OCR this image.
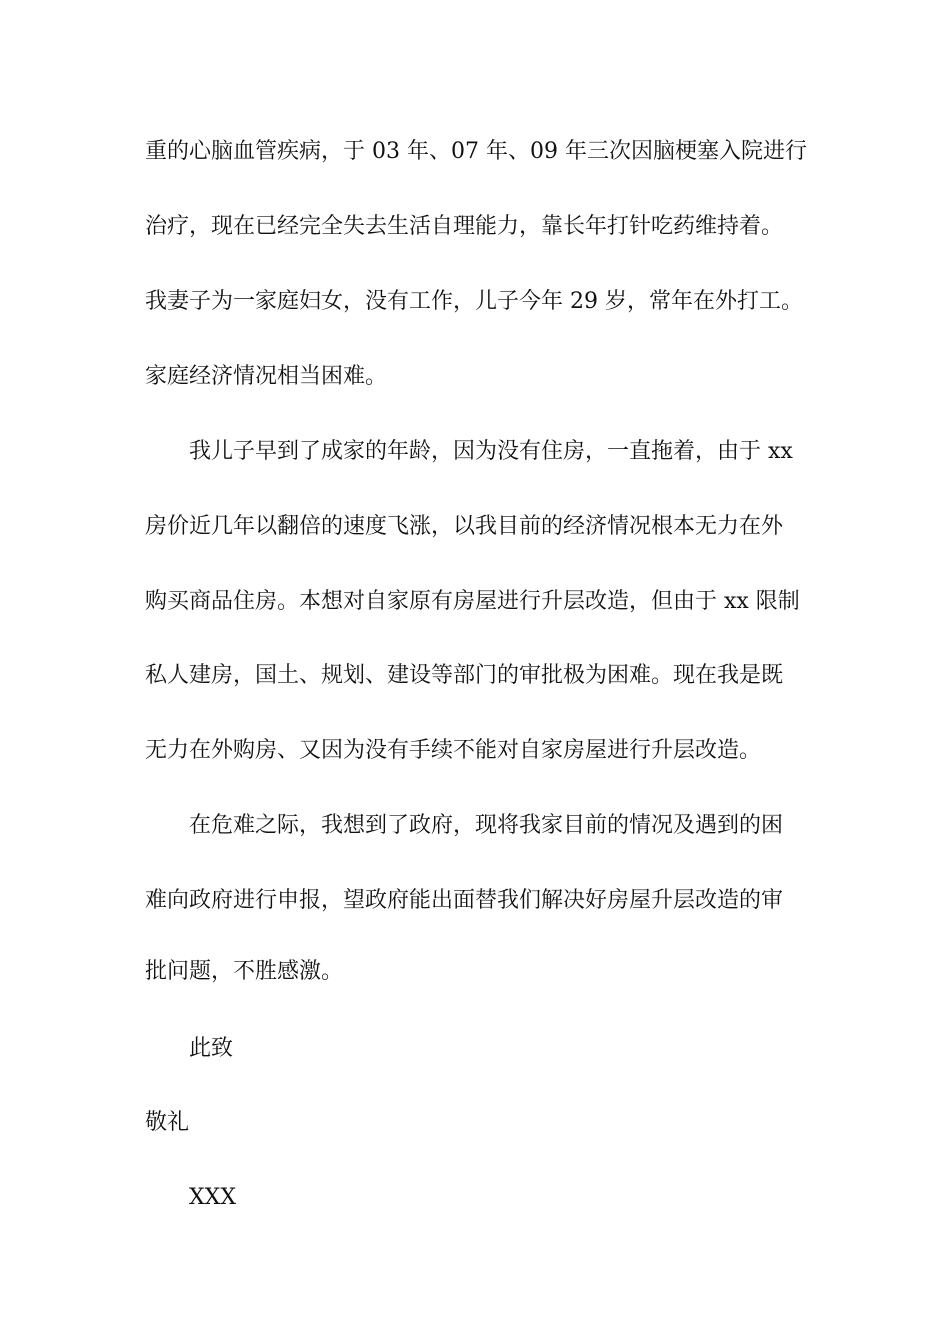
重的心脑血管疾病，于 03 年、07 年、09 年三次因脑梗塞入院进行

治疗，现在已经完全失去生活自理能力，靠长年打针吃药维持着。

我妻子为一家庭妇女，没有工作，儿子今年 29 岁，常年在外打工。

家庭经济情况相当困难。

我儿子早到了成家的年龄，因为没有住房，一直拖着，由于 xx

房价近几年以翻倍的速度飞涨，以我目前的经济情况根本无力在外

购买商品住房。本想对自家原有房屋进行升层改造，但由于 xx 限制

私人建房，国土、规划、建设等部门的审批极为困难。现在我是既

无力在外购房、又因为没有手续不能对自家房屋进行升层改造。

在危难之际，我想到了政府，现将我家目前的情况及遇到的困

难向政府进行申报，望政府能出面替我们解决好房屋升层改造的审

批问题，不胜感激。

此致

敬礼

XXX
